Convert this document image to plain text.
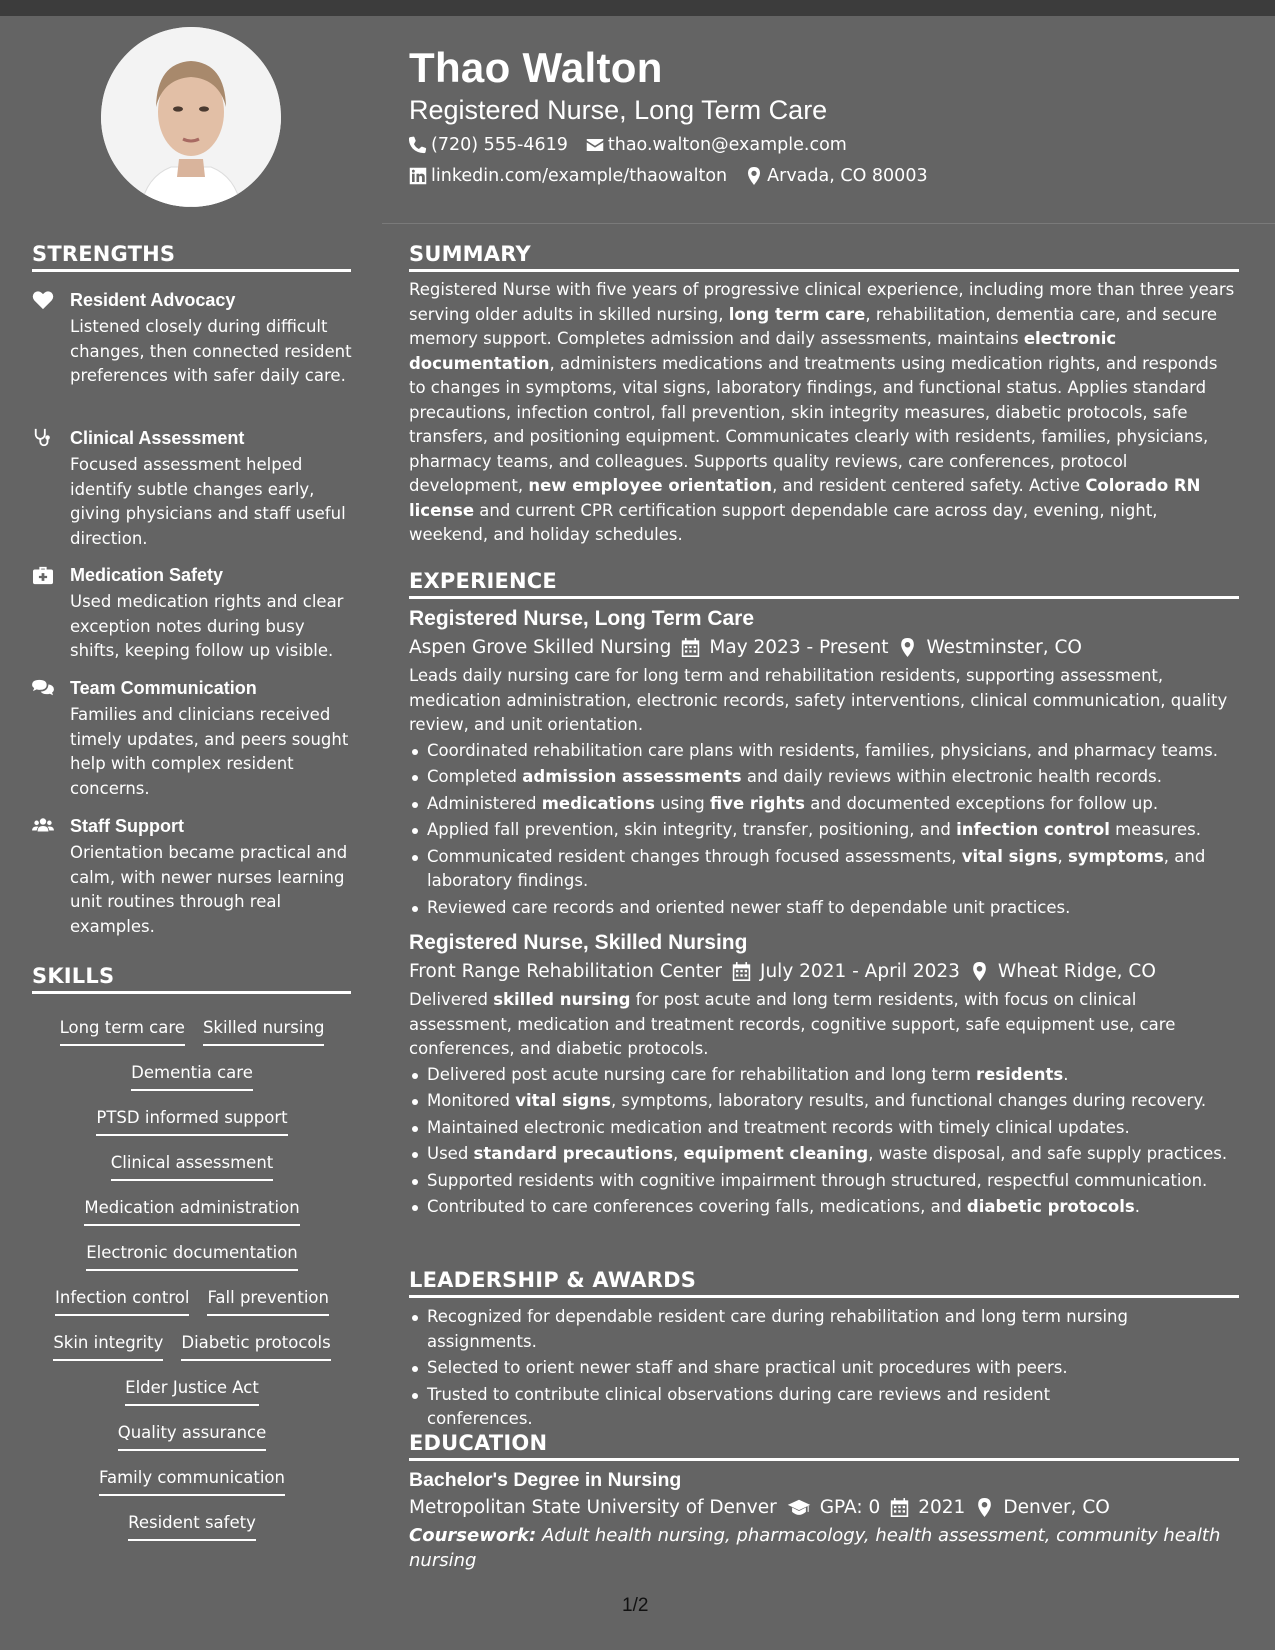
STRENGTHS
Resident Advocacy
Listened closely during difficult changes, then connected resident preferences with safer daily care.
Clinical Assessment
Focused assessment helped identify subtle changes early, giving physicians and staff useful direction.
Medication Safety
Used medication rights and clear exception notes during busy shifts, keeping follow up visible.
Team Communication
Families and clinicians received timely updates, and peers sought help with complex resident concerns.
Staff Support
Orientation became practical and calm, with newer nurses learning unit routines through real examples.
SKILLS
Long term care Skilled nursing
Dementia care
PTSD informed support
Clinical assessment
Medication administration
Electronic documentation
Infection control Fall prevention
Skin integrity Diabetic protocols
Elder Justice Act
Quality assurance
Family communication
Resident safety
Thao Walton
Registered Nurse, Long Term Care
(720) 555-4619 thao.walton@example.com
linkedin.com/example/thaowalton Arvada, CO 80003
SUMMARY

Registered Nurse with five years of progressive clinical experience, including more than three years serving older adults in skilled nursing, long term care, rehabilitation, dementia care, and secure memory support. Completes admission and daily assessments, maintains electronic documentation, administers medications and treatments using medication rights, and responds to changes in symptoms, vital signs, laboratory findings, and functional status. Applies standard precautions, infection control, fall prevention, skin integrity measures, diabetic protocols, safe transfers, and positioning equipment. Communicates clearly with residents, families, physicians, pharmacy teams, and colleagues. Supports quality reviews, care conferences, protocol development, new employee orientation, and resident centered safety. Active Colorado RN license and current CPR certification support dependable care across day, evening, night, weekend, and holiday schedules.

EXPERIENCE
Registered Nurse, Long Term Care
Aspen Grove Skilled Nursing May 2023 - Present Westminster, CO

Leads daily nursing care for long term and rehabilitation residents, supporting assessment, medication administration, electronic records, safety interventions, clinical communication, quality review, and unit orientation.

Coordinated rehabilitation care plans with residents, families, physicians, and pharmacy teams.
Completed admission assessments and daily reviews within electronic health records.
Administered medications using five rights and documented exceptions for follow up.
Applied fall prevention, skin integrity, transfer, positioning, and infection control measures.
Communicated resident changes through focused assessments, vital signs, symptoms, and laboratory findings.
Reviewed care records and oriented newer staff to dependable unit practices.
Registered Nurse, Skilled Nursing
Front Range Rehabilitation Center July 2021 - April 2023 Wheat Ridge, CO

Delivered skilled nursing for post acute and long term residents, with focus on clinical assessment, medication and treatment records, cognitive support, safe equipment use, care conferences, and diabetic protocols.

Delivered post acute nursing care for rehabilitation and long term residents.
Monitored vital signs, symptoms, laboratory results, and functional changes during recovery.
Maintained electronic medication and treatment records with timely clinical updates.
Used standard precautions, equipment cleaning, waste disposal, and safe supply practices.
Supported residents with cognitive impairment through structured, respectful communication.
Contributed to care conferences covering falls, medications, and diabetic protocols.
LEADERSHIP & AWARDS
Recognized for dependable resident care during rehabilitation and long term nursing assignments.
Selected to orient newer staff and share practical unit procedures with peers.
Trusted to contribute clinical observations during care reviews and resident conferences.
EDUCATION
Bachelor's Degree in Nursing
Metropolitan State University of Denver GPA: 0 2021 Denver, CO

Coursework: Adult health nursing, pharmacology, health assessment, community health nursing

1/2
